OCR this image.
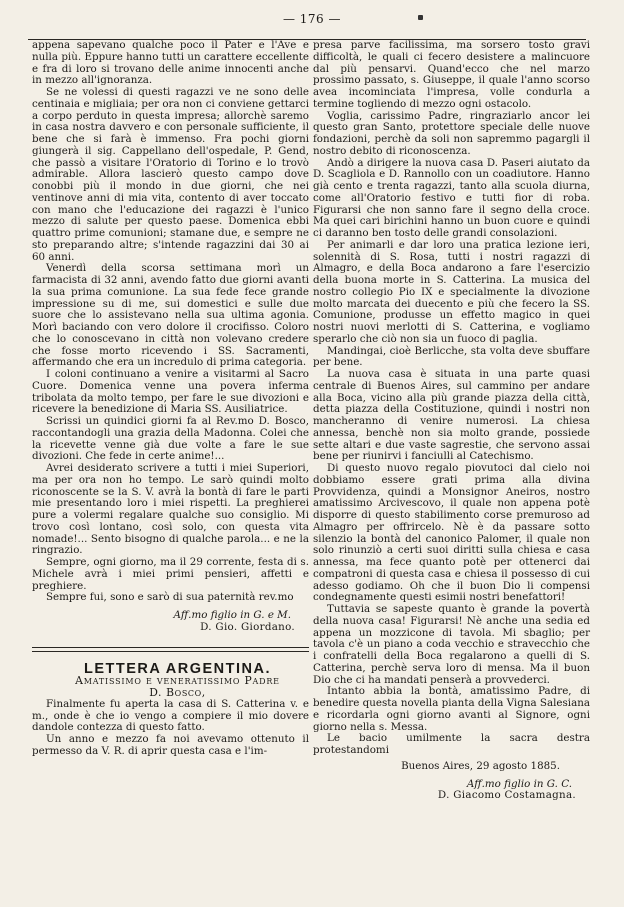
— 176 —

appena sapevano qualche poco il Pater e l'Ave e nulla più. Eppure hanno tutti un carattere eccellente e fra di loro si trovano delle anime innocenti anche in mezzo all'ignoranza.

Se ne volessi di questi ragazzi ve ne sono delle centinaia e migliaia; per ora non ci conviene gettarci a corpo perduto in questa impresa; allorchè saremo in casa nostra davvero e con personale sufficiente, il bene che si farà è immenso. Fra pochi giorni giungerà il sig. Cappellano dell'ospedale, P. Gend, che passò a visitare l'Oratorio di Torino e lo trovò admirable. Allora lascierò questo campo dove conobbi più il mondo in due giorni, che nei ventinove anni di mia vita, contento di aver toccato con mano che l'educazione dei ragazzi è l'unico mezzo di salute per questo paese. Domenica ebbi quattro prime comunioni; stamane due, e sempre ne sto preparando altre; s'intende ragazzini dai 30 ai 60 anni.

Venerdì della scorsa settimana morì un farmacista di 32 anni, avendo fatto due giorni avanti la sua prima comunione. La sua fede fece grande impressione su di me, sui domestici e sulle due suore che lo assistevano nella sua ultima agonia. Morì baciando con vero dolore il crocifisso. Coloro che lo conoscevano in città non volevano credere che fosse morto ricevendo i SS. Sacramenti, affermando che era un incredulo di prima categoria.

I coloni continuano a venire a visitarmi al Sacro Cuore. Domenica venne una povera inferma tribolata da molto tempo, per fare le sue divozioni e ricevere la benedizione di Maria SS. Ausiliatrice.

Scrissi un quindici giorni fa al Rev.mo D. Bosco, raccontandogli una grazia della Madonna. Colei che la ricevette venne già due volte a fare le sue divozioni. Che fede in certe anime!...

Avrei desiderato scrivere a tutti i miei Superiori, ma per ora non ho tempo. Le sarò quindi molto riconoscente se la S. V. avrà la bontà di fare le parti mie presentando loro i miei rispetti. La preghierei pure a volermi regalare qualche suo consiglio. Mi trovo così lontano, così solo, con questa vita nomade!... Sento bisogno di qualche parola... e ne la ringrazio.

Sempre, ogni giorno, ma il 29 corrente, festa di s. Michele avrà i miei primi pensieri, affetti e preghiere.

Sempre fui, sono e sarò di sua paternità rev.mo

Aff.mo figlio in G. e M.

D. Gio. Giordano.

LETTERA ARGENTINA.

Amatissimo e veneratissimo Padre

D. Bosco,

Finalmente fu aperta la casa di S. Catterina v. e m., onde è che io vengo a compiere il mio dovere dandole contezza di questo fatto.

Un anno e mezzo fa noi avevamo ottenuto il permesso da V. R. di aprir questa casa e l'im-

presa parve facilissima, ma sorsero tosto gravi difficoltà, le quali ci fecero desistere a malincuore dal più pensarvi. Quand'ecco che nel marzo prossimo passato, s. Giuseppe, il quale l'anno scorso avea incominciata l'impresa, volle condurla a termine togliendo di mezzo ogni ostacolo.

Voglia, carissimo Padre, ringraziarlo ancor lei questo gran Santo, protettore speciale delle nuove fondazioni, perchè da soli non sapremmo pagargli il nostro debito di riconoscenza.

Andò a dirigere la nuova casa D. Paseri aiutato da D. Scagliola e D. Rannollo con un coadiutore. Hanno già cento e trenta ragazzi, tanto alla scuola diurna, come all'Oratorio festivo e tutti fior di roba. Figurarsi che non sanno fare il segno della croce. Ma quei cari birichini hanno un buon cuore e quindi ci daranno ben tosto delle grandi consolazioni.

Per animarli e dar loro una pratica lezione ieri, solennità di S. Rosa, tutti i nostri ragazzi di Almagro, e della Boca andarono a fare l'esercizio della buona morte in S. Catterina. La musica del nostro collegio Pio IX e specialmente la divozione molto marcata dei duecento e più che fecero la SS. Comunione, produsse un effetto magico in quei nostri nuovi merlotti di S. Catterina, e vogliamo sperarlo che ciò non sia un fuoco di paglia.

Mandingai, cioè Berlicche, sta volta deve sbuffare per bene.

La nuova casa è situata in una parte quasi centrale di Buenos Aires, sul cammino per andare alla Boca, vicino alla più grande piazza della città, detta piazza della Costituzione, quindi i nostri non mancheranno di venire numerosi. La chiesa annessa, benchè non sia molto grande, possiede sette altari e due vaste sagrestie, che servono assai bene per riunirvi i fanciulli al Catechismo.

Di questo nuovo regalo piovutoci dal cielo noi dobbiamo essere grati prima alla divina Provvidenza, quindi a Monsignor Aneiros, nostro amatissimo Arcivescovo, il quale non appena potè disporre di questo stabilimento corse premuroso ad Almagro per offrircelo. Nè è da passare sotto silenzio la bontà del canonico Palomer, il quale non solo rinunziò a certi suoi diritti sulla chiesa e casa annessa, ma fece quanto potè per ottenerci dai compatroni di questa casa e chiesa il possesso di cui adesso godiamo. Oh che il buon Dio li compensi condegnamente questi esimii nostri benefattori!

Tuttavia se sapeste quanto è grande la povertà della nuova casa! Figurarsi! Nè anche una sedia ed appena un mozzicone di tavola. Mi sbaglio; per tavola c'è un piano a coda vecchio e stravecchio che i confratelli della Boca regalarono a quelli di S. Catterina, perchè serva loro di mensa. Ma il buon Dio che ci ha mandati penserà a provvederci.

Intanto abbia la bontà, amatissimo Padre, di benedire questa novella pianta della Vigna Salesiana e ricordarla ogni giorno avanti al Signore, ogni giorno nella s. Messa.

Le bacio umilmente la sacra destra protestandomi

Buenos Aires, 29 agosto 1885.

Aff.mo figlio in G. C.

D. Giacomo Costamagna.
